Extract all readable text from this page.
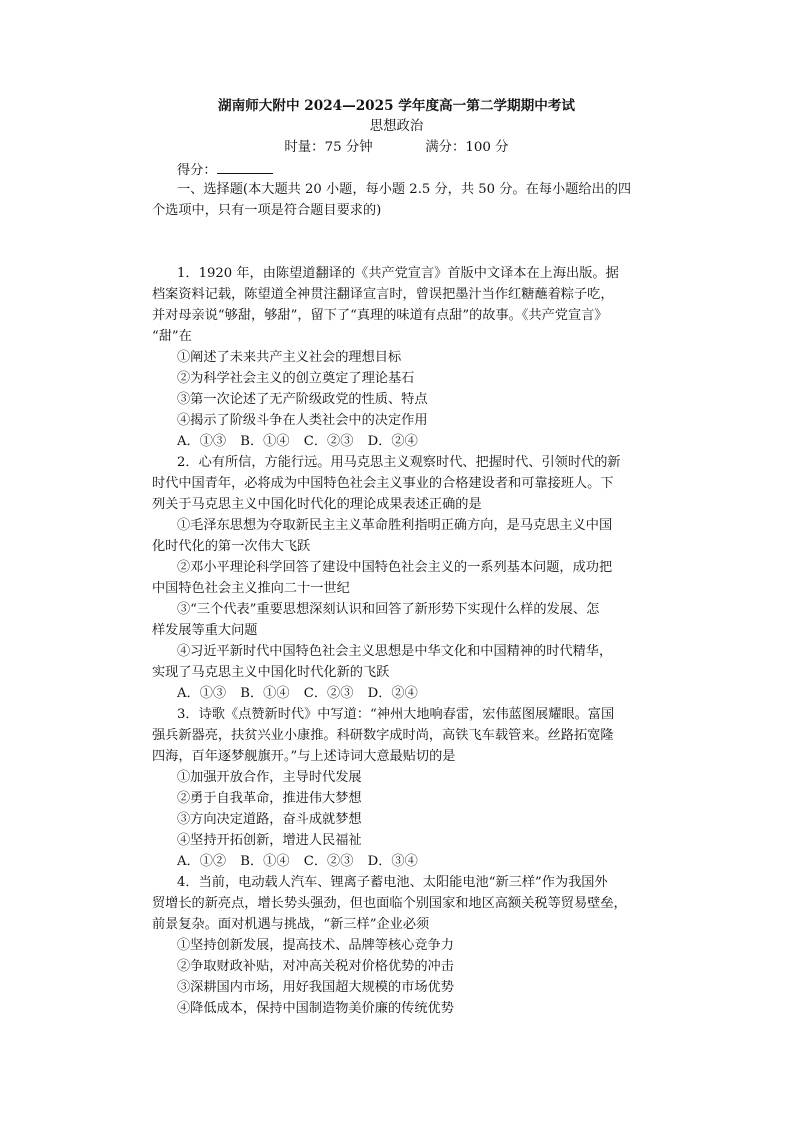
湖南师大附中 2024—2025 学年度高一第二学期期中考试
思想政治
时量：75 分钟	满分：100 分
得分：
一、选择题(本大题共 20 小题，每小题 2.5 分，共 50 分。在每小题给出的四
个选项中，只有一项是符合题目要求的)
1．1920 年，由陈望道翻译的《共产党宣言》首版中文译本在上海出版。据
档案资料记载，陈望道全神贯注翻译宣言时，曾误把墨汁当作红糖蘸着粽子吃，
并对母亲说“够甜，够甜”，留下了“真理的味道有点甜”的故事。《共产党宣言》
“甜”在
①阐述了未来共产主义社会的理想目标
②为科学社会主义的创立奠定了理论基石
③第一次论述了无产阶级政党的性质、特点
④揭示了阶级斗争在人类社会中的决定作用
A．①③ B．①④ C．②③ D．②④
2．心有所信，方能行远。用马克思主义观察时代、把握时代、引领时代的新
时代中国青年，必将成为中国特色社会主义事业的合格建设者和可靠接班人。下
列关于马克思主义中国化时代化的理论成果表述正确的是
①毛泽东思想为夺取新民主主义革命胜利指明正确方向，是马克思主义中国
化时代化的第一次伟大飞跃
②邓小平理论科学回答了建设中国特色社会主义的一系列基本问题，成功把
中国特色社会主义推向二十一世纪
③“三个代表”重要思想深刻认识和回答了新形势下实现什么样的发展、怎
样发展等重大问题
④习近平新时代中国特色社会主义思想是中华文化和中国精神的时代精华，
实现了马克思主义中国化时代化新的飞跃
A．①③ B．①④ C．②③ D．②④
3．诗歌《点赞新时代》中写道：“神州大地响春雷，宏伟蓝图展耀眼。富国
强兵新器亮，扶贫兴业小康推。科研数字成时尚，高铁飞车载管来。丝路拓宽隆
四海，百年逐梦舰旗开。”与上述诗词大意最贴切的是
①加强开放合作，主导时代发展
②勇于自我革命，推进伟大梦想
③方向决定道路，奋斗成就梦想
④坚持开拓创新，增进人民福祉
A．①② B．①④ C．②③ D．③④
4．当前，电动载人汽车、锂离子蓄电池、太阳能电池“新三样”作为我国外
贸增长的新亮点，增长势头强劲，但也面临个别国家和地区高额关税等贸易壁垒，
前景复杂。面对机遇与挑战，“新三样”企业必须
①坚持创新发展，提高技术、品牌等核心竞争力
②争取财政补贴，对冲高关税对价格优势的冲击
③深耕国内市场，用好我国超大规模的市场优势
④降低成本，保持中国制造物美价廉的传统优势
